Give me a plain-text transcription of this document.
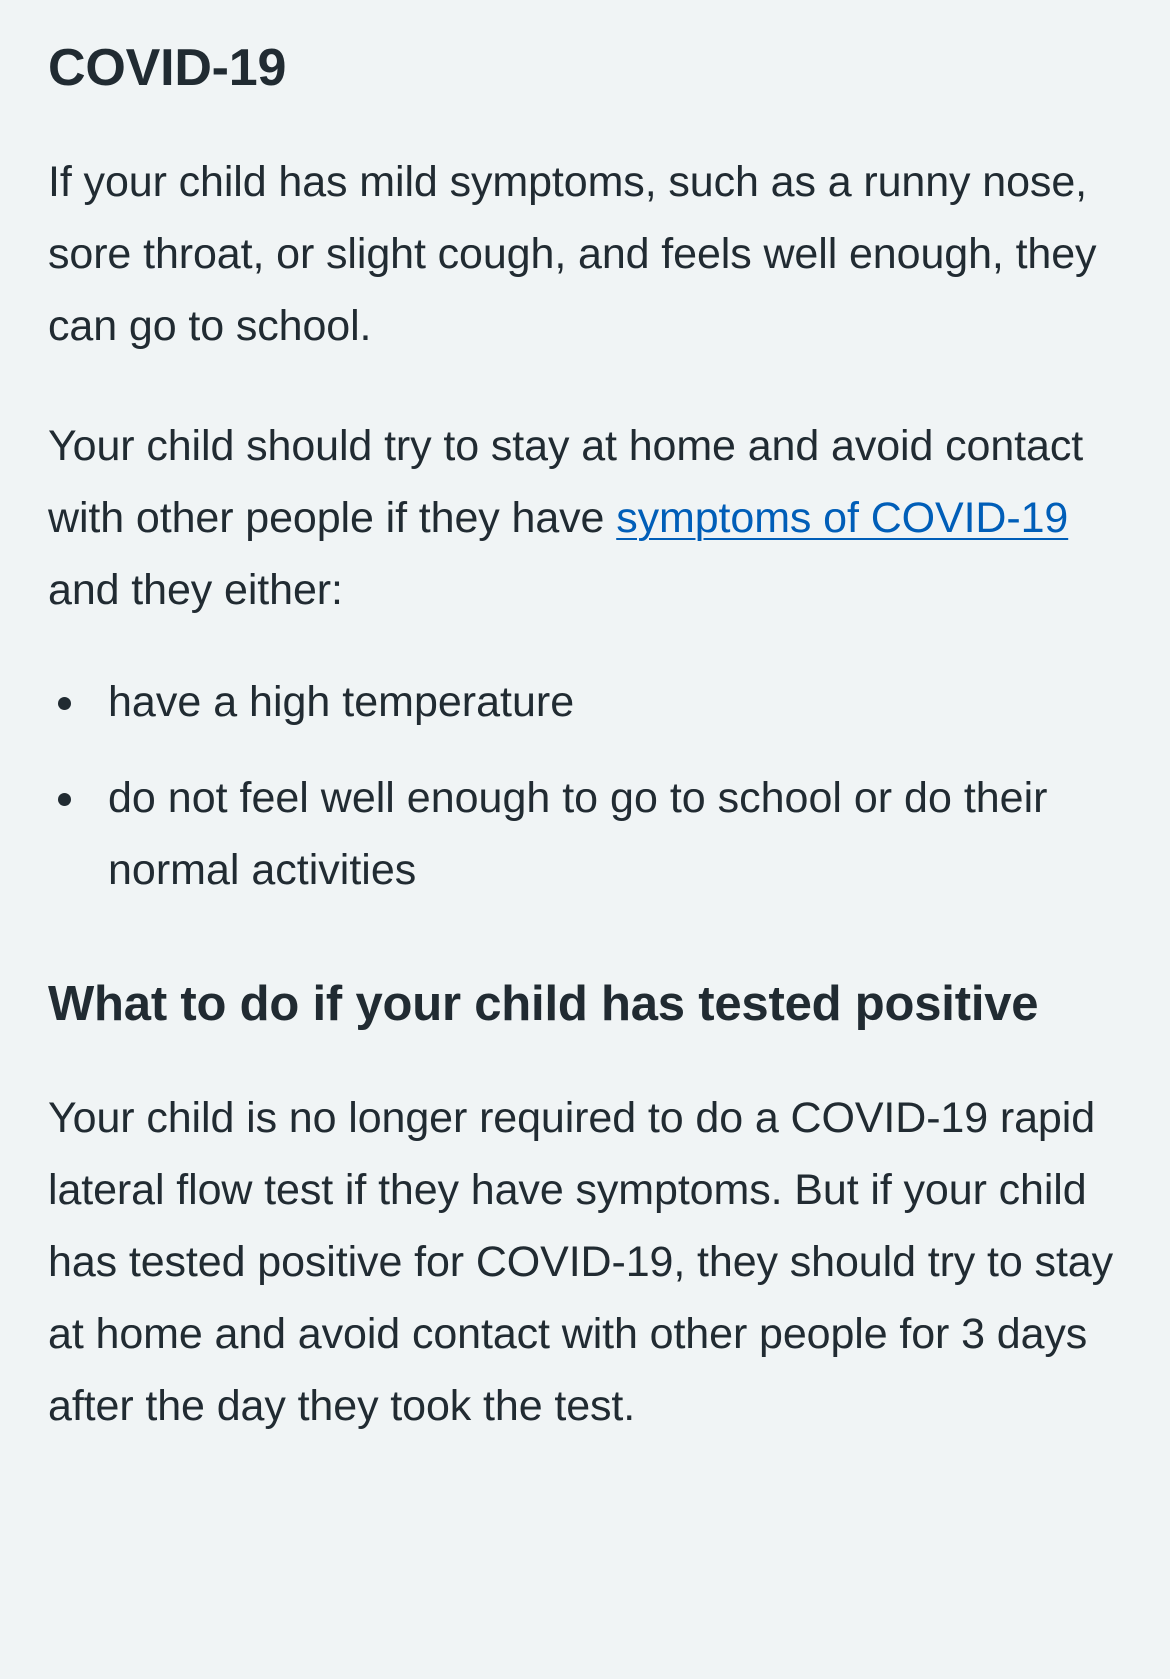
COVID-19

If your child has mild symptoms, such as a runny nose, sore throat, or slight cough, and feels well enough, they can go to school.

Your child should try to stay at home and avoid contact with other people if they have symptoms of COVID-19 and they either:

have a high temperature
do not feel well enough to go to school or do their normal activities
What to do if your child has tested positive

Your child is no longer required to do a COVID-19 rapid lateral flow test if they have symptoms. But if your child has tested positive for COVID-19, they should try to stay at home and avoid contact with other people for 3 days after the day they took the test.
